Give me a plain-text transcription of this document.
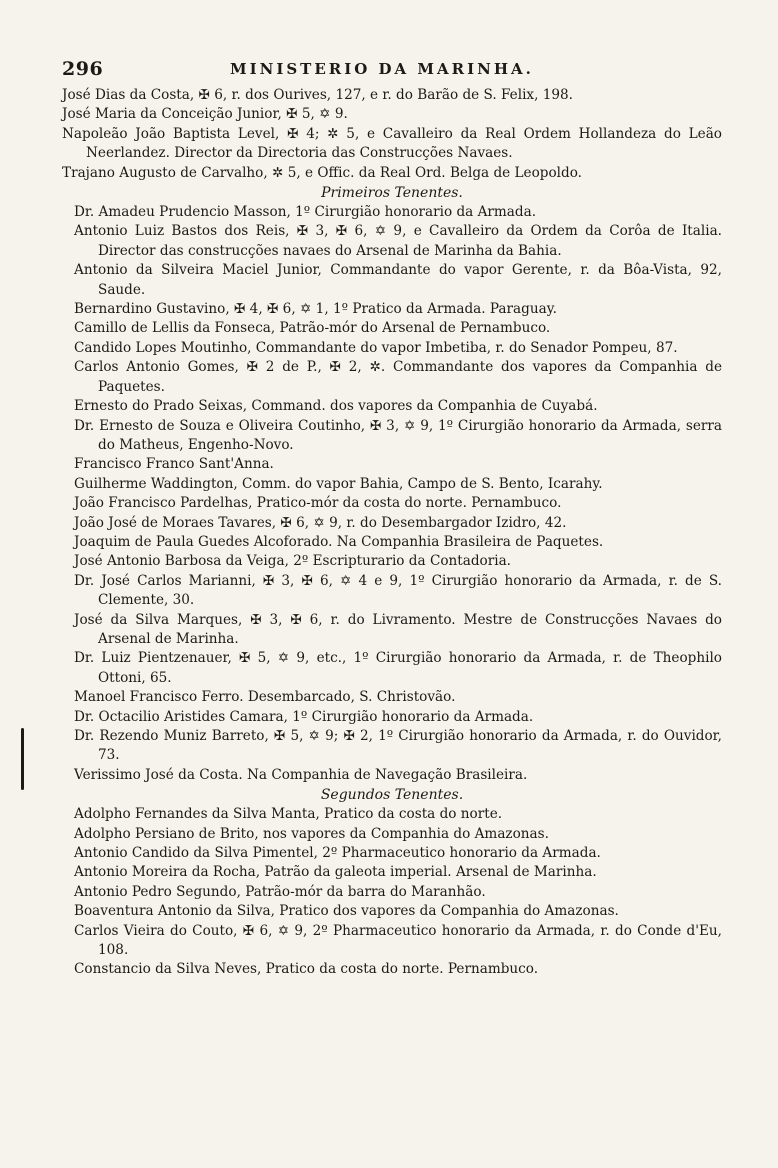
296	MINISTERIO DA MARINHA.
José Dias da Costa, ✠ 6, r. dos Ourives, 127, e r. do Barão de S. Felix, 198.
José Maria da Conceição Junior, ✠ 5, ✡ 9.
Napoleão João Baptista Level, ✠ 4; ✲ 5, e Cavalleiro da Real Ordem Hollandeza do Leão Neerlandez. Director da Directoria das Construcções Navaes.
Trajano Augusto de Carvalho, ✲ 5, e Offic. da Real Ord. Belga de Leopoldo.
Primeiros Tenentes.
Dr. Amadeu Prudencio Masson, 1º Cirurgião honorario da Armada.
Antonio Luiz Bastos dos Reis, ✠ 3, ✠ 6, ✡ 9, e Cavalleiro da Ordem da Corôa de Italia. Director das construcções navaes do Arsenal de Marinha da Bahia.
Antonio da Silveira Maciel Junior, Commandante do vapor Gerente, r. da Bôa-Vista, 92, Saude.
Bernardino Gustavino, ✠ 4, ✠ 6, ✡ 1, 1º Pratico da Armada. Paraguay.
Camillo de Lellis da Fonseca, Patrão-mór do Arsenal de Pernambuco.
Candido Lopes Moutinho, Commandante do vapor Imbetiba, r. do Senador Pompeu, 87.
Carlos Antonio Gomes, ✠ 2 de P., ✠ 2, ✲. Commandante dos vapores da Companhia de Paquetes.
Ernesto do Prado Seixas, Command. dos vapores da Companhia de Cuyabá.
Dr. Ernesto de Souza e Oliveira Coutinho, ✠ 3, ✡ 9, 1º Cirurgião honorario da Armada, serra do Matheus, Engenho-Novo.
Francisco Franco Sant'Anna.
Guilherme Waddington, Comm. do vapor Bahia, Campo de S. Bento, Icarahy.
João Francisco Pardelhas, Pratico-mór da costa do norte. Pernambuco.
João José de Moraes Tavares, ✠ 6, ✡ 9, r. do Desembargador Izidro, 42.
Joaquim de Paula Guedes Alcoforado. Na Companhia Brasileira de Paquetes.
José Antonio Barbosa da Veiga, 2º Escripturario da Contadoria.
Dr. José Carlos Marianni, ✠ 3, ✠ 6, ✡ 4 e 9, 1º Cirurgião honorario da Armada, r. de S. Clemente, 30.
José da Silva Marques, ✠ 3, ✠ 6, r. do Livramento. Mestre de Construcções Navaes do Arsenal de Marinha.
Dr. Luiz Pientzenauer, ✠ 5, ✡ 9, etc., 1º Cirurgião honorario da Armada, r. de Theophilo Ottoni, 65.
Manoel Francisco Ferro. Desembarcado, S. Christovão.
Dr. Octacilio Aristides Camara, 1º Cirurgião honorario da Armada.
Dr. Rezendo Muniz Barreto, ✠ 5, ✡ 9; ✠ 2, 1º Cirurgião honorario da Armada, r. do Ouvidor, 73.
Verissimo José da Costa. Na Companhia de Navegação Brasileira.
Segundos Tenentes.
Adolpho Fernandes da Silva Manta, Pratico da costa do norte.
Adolpho Persiano de Brito, nos vapores da Companhia do Amazonas.
Antonio Candido da Silva Pimentel, 2º Pharmaceutico honorario da Armada.
Antonio Moreira da Rocha, Patrão da galeota imperial. Arsenal de Marinha.
Antonio Pedro Segundo, Patrão-mór da barra do Maranhão.
Boaventura Antonio da Silva, Pratico dos vapores da Companhia do Amazonas.
Carlos Vieira do Couto, ✠ 6, ✡ 9, 2º Pharmaceutico honorario da Armada, r. do Conde d'Eu, 108.
Constancio da Silva Neves, Pratico da costa do norte. Pernambuco.
